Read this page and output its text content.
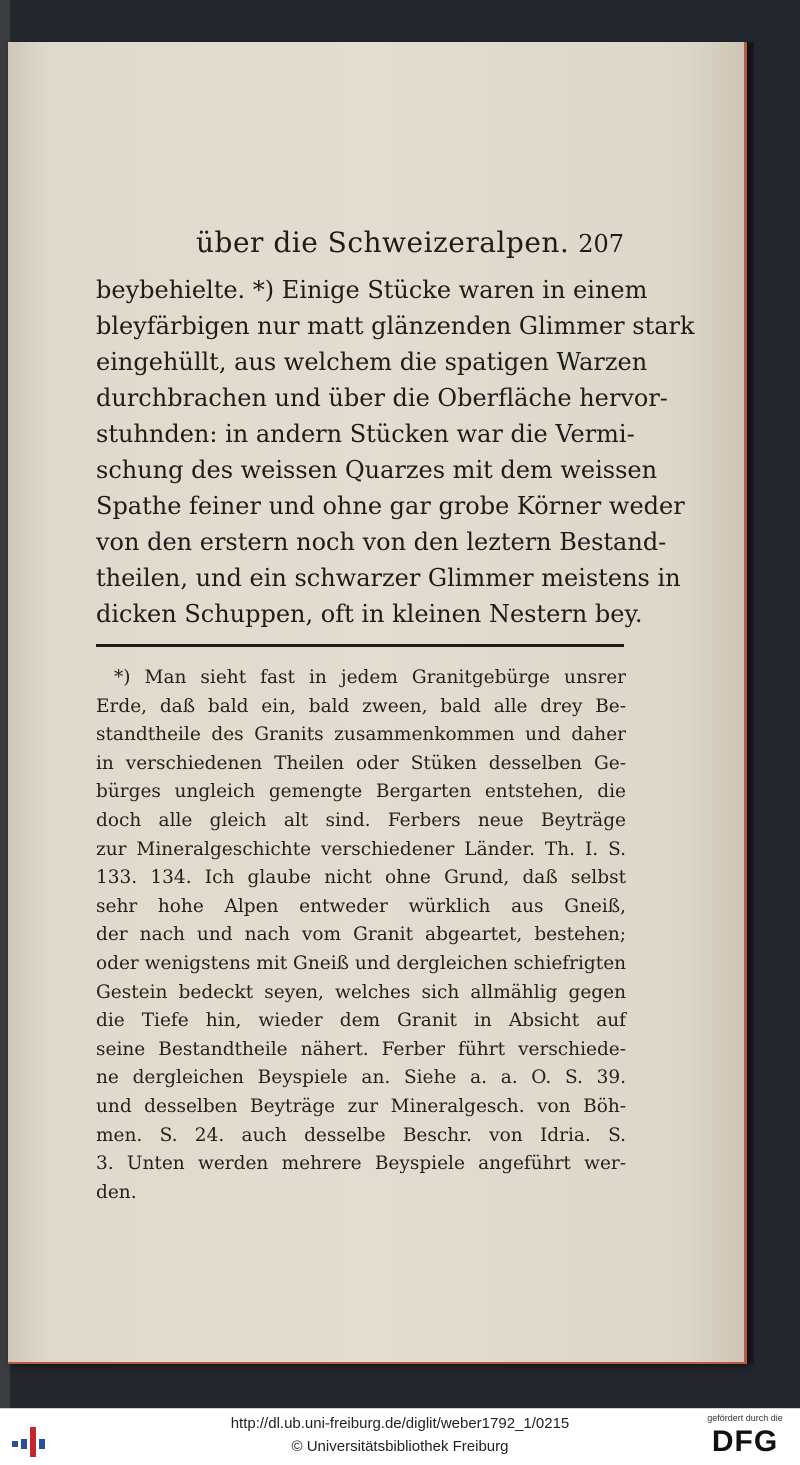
über die Schweizeralpen. 207
beybehielte. *) Einige Stücke waren in einem
bleyfärbigen nur matt glänzenden Glimmer stark
eingehüllt, aus welchem die spatigen Warzen
durchbrachen und über die Oberfläche hervor-
stuhnden: in andern Stücken war die Vermi-
schung des weissen Quarzes mit dem weissen
Spathe feiner und ohne gar grobe Körner weder
von den erstern noch von den leztern Bestand-
theilen, und ein schwarzer Glimmer meistens in
dicken Schuppen, oft in kleinen Nestern bey.
*) Man sieht fast in jedem Granitgebürge unsrer
Erde, daß bald ein, bald zween, bald alle drey Be-
standtheile des Granits zusammenkommen und daher
in verschiedenen Theilen oder Stüken desselben Ge-
bürges ungleich gemengte Bergarten entstehen, die
doch alle gleich alt sind. Ferbers neue Beyträge
zur Mineralgeschichte verschiedener Länder. Th. I. S.
133. 134. Ich glaube nicht ohne Grund, daß selbst
sehr hohe Alpen entweder würklich aus Gneiß,
der nach und nach vom Granit abgeartet, bestehen;
oder wenigstens mit Gneiß und dergleichen schiefrigten
Gestein bedeckt seyen, welches sich allmählig gegen
die Tiefe hin, wieder dem Granit in Absicht auf
seine Bestandtheile nähert. Ferber führt verschiede-
ne dergleichen Beyspiele an. Siehe a. a. O. S. 39.
und desselben Beyträge zur Mineralgesch. von Böh-
men. S. 24. auch desselbe Beschr. von Idria. S.
3. Unten werden mehrere Beyspiele angeführt wer-
den.
http://dl.ub.uni-freiburg.de/diglit/weber1792_1/0215
© Universitätsbibliothek Freiburg
gefördert durch die
DFG
